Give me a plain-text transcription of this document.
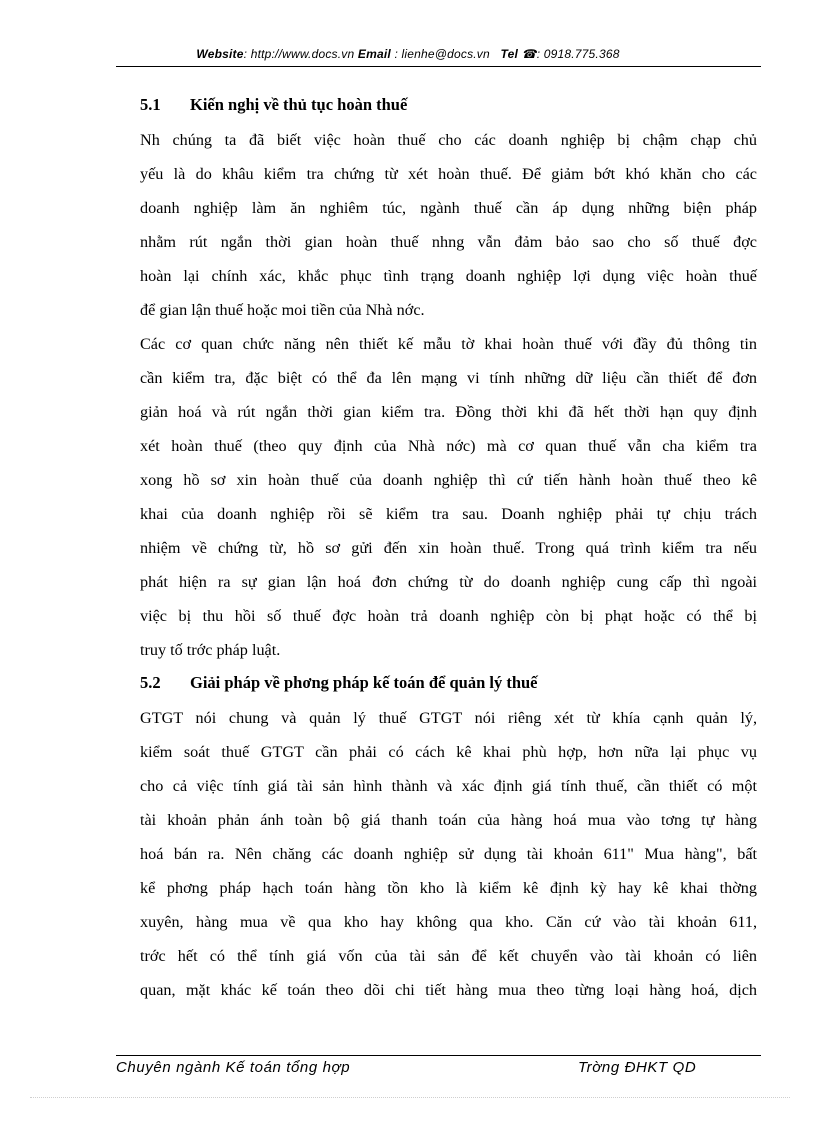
Website: http://www.docs.vn Email : lienhe@docs.vn Tel ☎: 0918.775.368
5.1 Kiến nghị về thủ tục hoàn thuế
Nh chúng ta đã biết việc hoàn thuế cho các doanh nghiệp bị chậm chạp chủ
yếu là do khâu kiểm tra chứng từ xét hoàn thuế. Để giảm bớt khó khăn cho các
doanh nghiệp làm ăn nghiêm túc, ngành thuế cần áp dụng những biện pháp
nhằm rút ngắn thời gian hoàn thuế nhng vẫn đảm bảo sao cho số thuế đợc
hoàn lại chính xác, khắc phục tình trạng doanh nghiệp lợi dụng việc hoàn thuế
để gian lận thuế hoặc moi tiền của Nhà nớc.
Các cơ quan chức năng nên thiết kế mẫu tờ khai hoàn thuế với đầy đủ thông tin
cần kiểm tra, đặc biệt có thể đa lên mạng vi tính những dữ liệu cần thiết để đơn
giản hoá và rút ngắn thời gian kiểm tra. Đồng thời khi đã hết thời hạn quy định
xét hoàn thuế (theo quy định của Nhà nớc) mà cơ quan thuế vẫn cha kiểm tra
xong hồ sơ xin hoàn thuế của doanh nghiệp thì cứ tiến hành hoàn thuế theo kê
khai của doanh nghiệp rồi sẽ kiểm tra sau. Doanh nghiệp phải tự chịu trách
nhiệm về chứng từ, hồ sơ gửi đến xin hoàn thuế. Trong quá trình kiểm tra nếu
phát hiện ra sự gian lận hoá đơn chứng từ do doanh nghiệp cung cấp thì ngoài
việc bị thu hồi số thuế đợc hoàn trả doanh nghiệp còn bị phạt hoặc có thể bị
truy tố trớc pháp luật.
5.2 Giải pháp về phơng pháp kế toán để quản lý thuế
GTGT nói chung và quản lý thuế GTGT nói riêng xét từ khía cạnh quản lý,
kiểm soát thuế GTGT cần phải có cách kê khai phù hợp, hơn nữa lại phục vụ
cho cả việc tính giá tài sản hình thành và xác định giá tính thuế, cần thiết có một
tài khoản phản ánh toàn bộ giá thanh toán của hàng hoá mua vào tơng tự hàng
hoá bán ra. Nên chăng các doanh nghiệp sử dụng tài khoản 611" Mua hàng", bất
kể phơng pháp hạch toán hàng tồn kho là kiểm kê định kỳ hay kê khai thờng
xuyên, hàng mua về qua kho hay không qua kho. Căn cứ vào tài khoản 611,
trớc hết có thể tính giá vốn của tài sản để kết chuyển vào tài khoản có liên
quan, mặt khác kế toán theo dõi chi tiết hàng mua theo từng loại hàng hoá, dịch
Chuyên ngành Kế toán tổng hợp	Trờng ĐHKT QD
